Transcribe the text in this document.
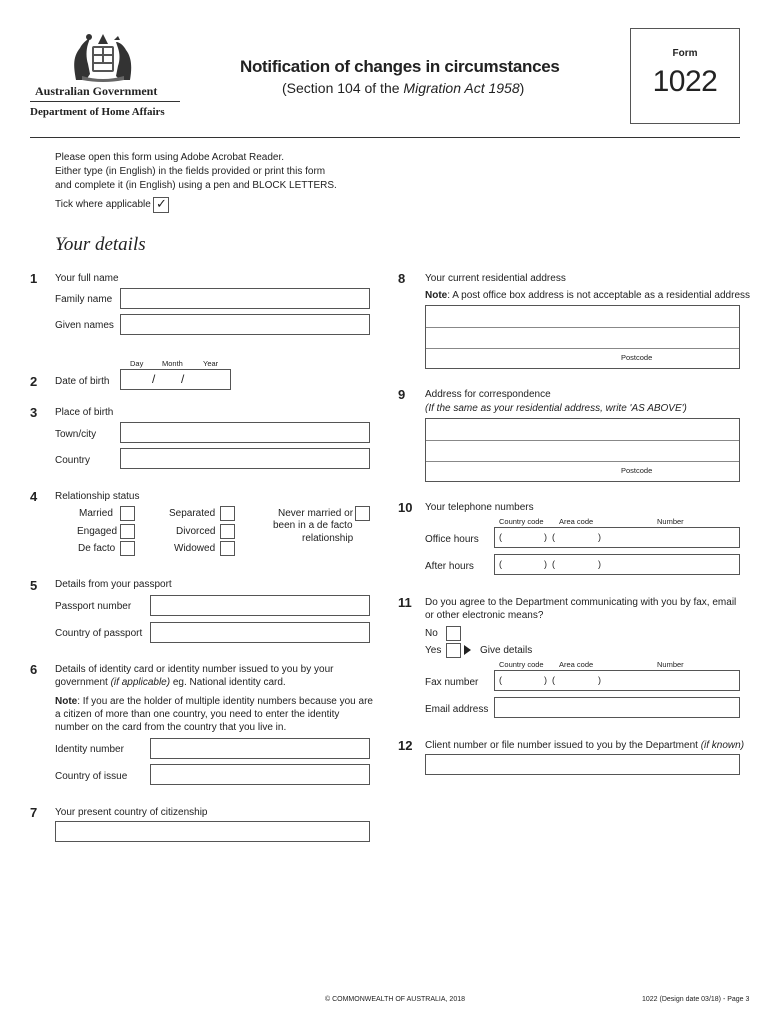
Australian Government
Department of Home Affairs
Notification of changes in circumstances
(Section 104 of the Migration Act 1958)
Form
1022
Please open this form using Adobe Acrobat Reader.
Either type (in English) in the fields provided or print this form
and complete it (in English) using a pen and BLOCK LETTERS.
Tick where applicable ✓
Your details
1 Your full name
Family name
Given names
Day Month	Year
2 Date of birth	/ /
3 Place of birth
Town/city
Country
4 Relationship status
Married
Engaged
De facto
Separated
Divorced
Widowed
Never married or
been in a de facto
relationship
5 Details from your passport
Passport number
Country of passport
6 Details of identity card or identity number issued to you by your
government (if applicable) eg. National identity card.
Note: If you are the holder of multiple identity numbers because you are
a citizen of more than one country, you need to enter the identity
number on the card from the country that you live in.
Identity number
Country of issue
7 Your present country of citizenship
8 Your current residential address
Note: A post office box address is not acceptable as a residential address
Postcode
9 Address for correspondence
(If the same as your residential address, write 'AS ABOVE')
Postcode
10 Your telephone numbers
Country code Area code	Number
Office hours (	)  (	)
After hours	(	)  (	)
11 Do you agree to the Department communicating with you by fax, email
or other electronic means?
No
Yes	Give details
Country code Area code	Number
Fax number (	)  (	)
Email address
12 Client number or file number issued to you by the Department (if known)
© COMMONWEALTH OF AUSTRALIA, 2018	1022 (Design date 03/18) - Page 3
